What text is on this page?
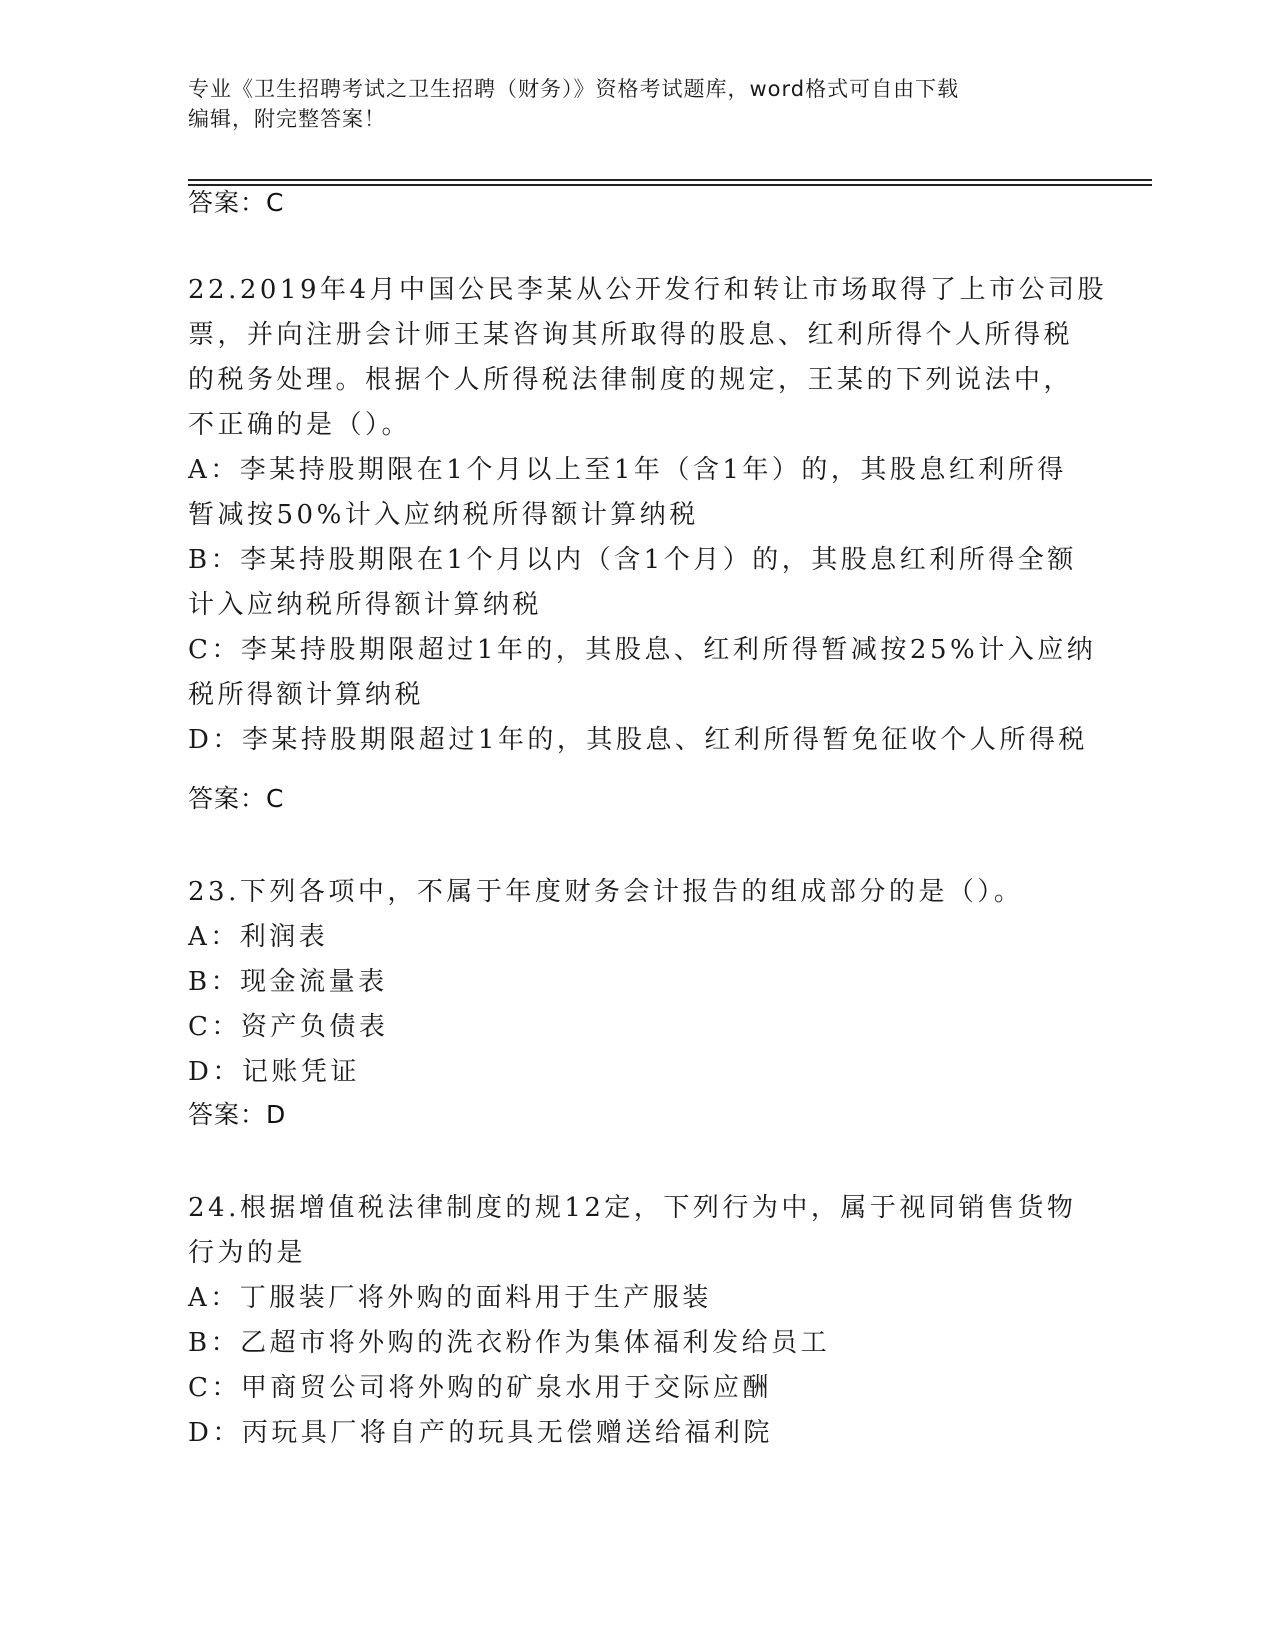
专业《卫生招聘考试之卫生招聘（财务）》资格考试题库，word格式可自由下载
编辑，附完整答案！
答案：C
22.2019年4月中国公民李某从公开发行和转让市场取得了上市公司股
票，并向注册会计师王某咨询其所取得的股息、红利所得个人所得税
的税务处理。根据个人所得税法律制度的规定，王某的下列说法中，
不正确的是（）。
A：李某持股期限在1个月以上至1年（含1年）的，其股息红利所得
暂减按50%计入应纳税所得额计算纳税
B：李某持股期限在1个月以内（含1个月）的，其股息红利所得全额
计入应纳税所得额计算纳税
C：李某持股期限超过1年的，其股息、红利所得暂减按25%计入应纳
税所得额计算纳税
D：李某持股期限超过1年的，其股息、红利所得暂免征收个人所得税
答案：C
23.下列各项中，不属于年度财务会计报告的组成部分的是（）。
A：利润表
B：现金流量表
C：资产负债表
D：记账凭证
答案：D
24.根据增值税法律制度的规12定，下列行为中，属于视同销售货物
行为的是
A：丁服装厂将外购的面料用于生产服装
B：乙超市将外购的洗衣粉作为集体福利发给员工
C：甲商贸公司将外购的矿泉水用于交际应酬
D：丙玩具厂将自产的玩具无偿赠送给福利院
